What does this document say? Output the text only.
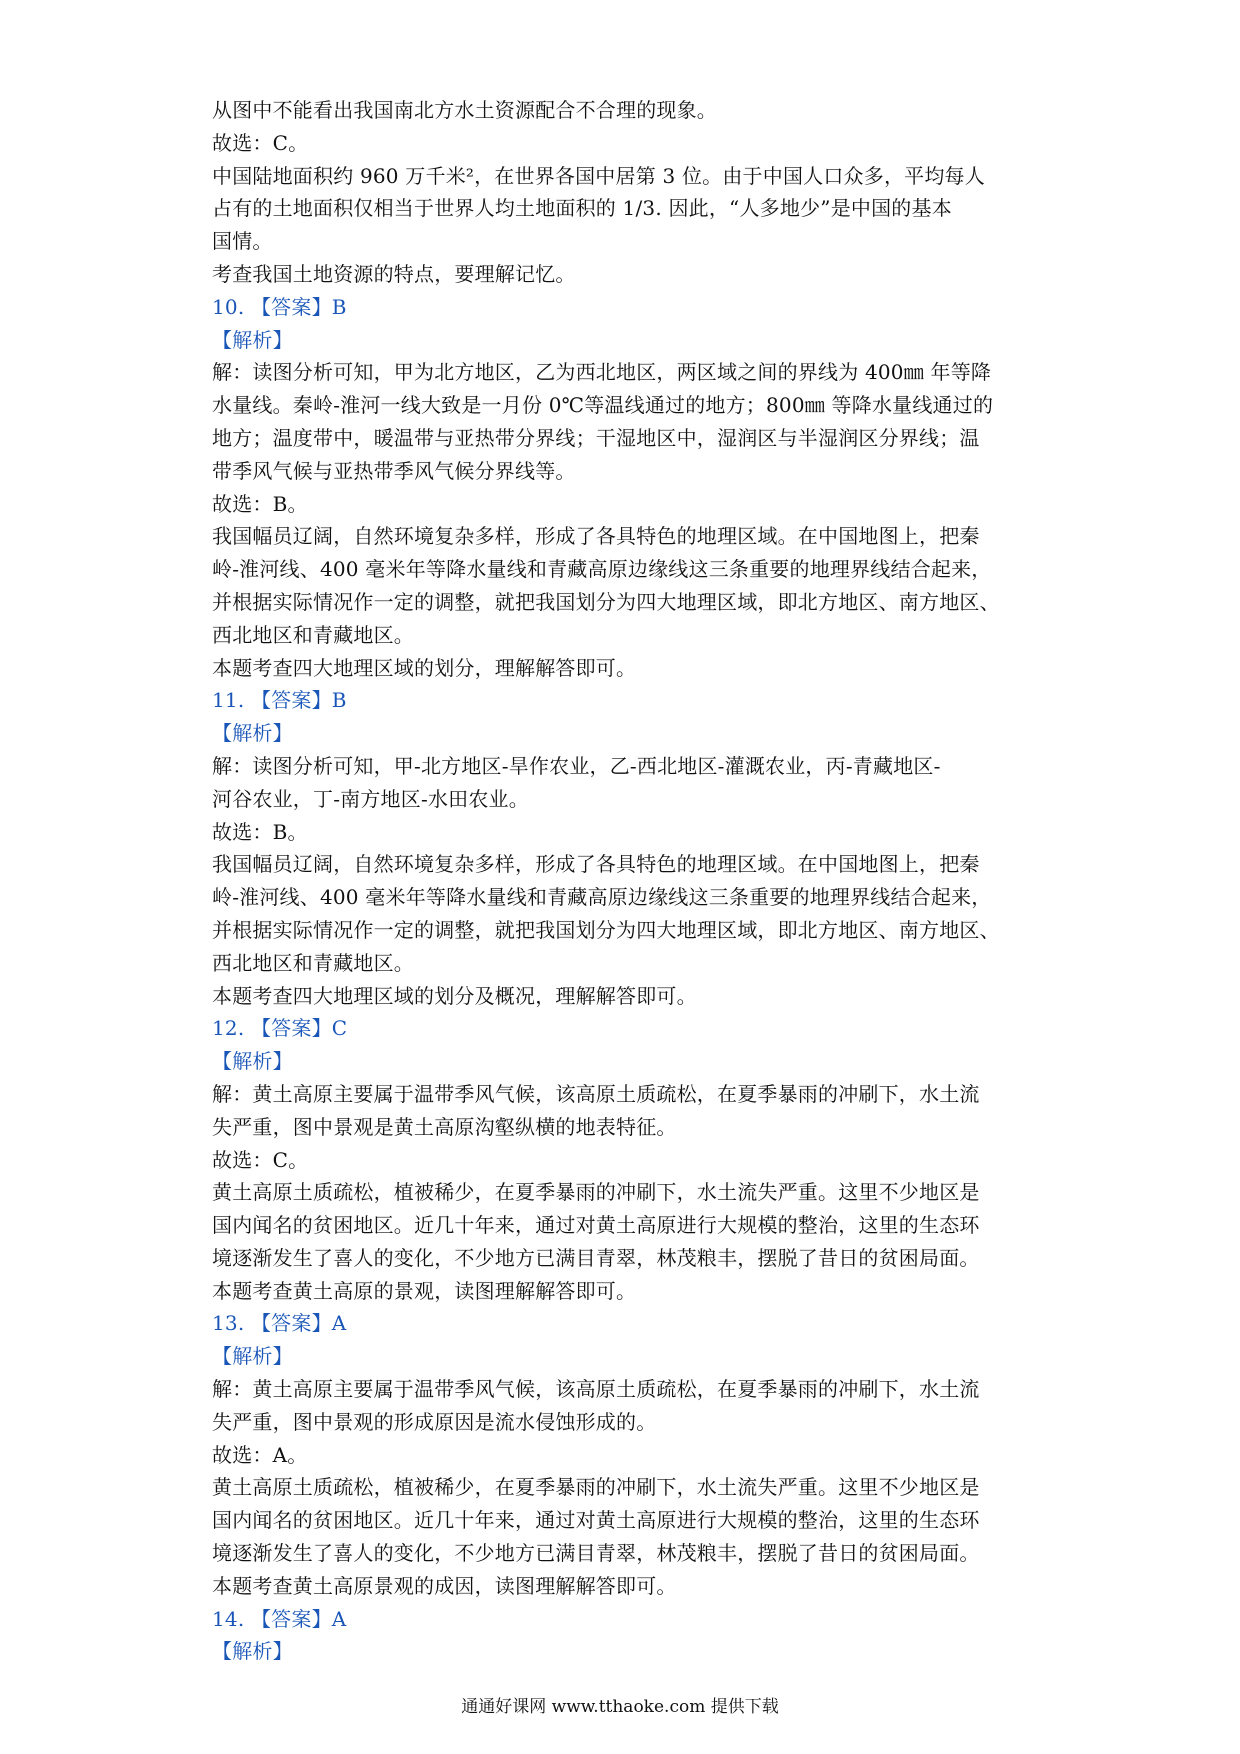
从图中不能看出我国南北方水土资源配合不合理的现象。
故选：C。
中国陆地面积约 960 万千米²，在世界各国中居第 3 位。由于中国人口众多，平均每人
占有的土地面积仅相当于世界人均土地面积的 1/3. 因此，“人多地少”是中国的基本
国情。
考查我国土地资源的特点，要理解记忆。
10. 【答案】B
【解析】
解：读图分析可知，甲为北方地区，乙为西北地区，两区域之间的界线为 400㎜ 年等降
水量线。秦岭-淮河一线大致是一月份 0℃等温线通过的地方；800㎜ 等降水量线通过的
地方；温度带中，暖温带与亚热带分界线；干湿地区中，湿润区与半湿润区分界线；温
带季风气候与亚热带季风气候分界线等。
故选：B。
我国幅员辽阔，自然环境复杂多样，形成了各具特色的地理区域。在中国地图上，把秦
岭-淮河线、400 毫米年等降水量线和青藏高原边缘线这三条重要的地理界线结合起来，
并根据实际情况作一定的调整，就把我国划分为四大地理区域，即北方地区、南方地区、
西北地区和青藏地区。
本题考查四大地理区域的划分，理解解答即可。
11. 【答案】B
【解析】
解：读图分析可知，甲-北方地区-旱作农业，乙-西北地区-灌溉农业，丙-青藏地区-
河谷农业，丁-南方地区-水田农业。
故选：B。
我国幅员辽阔，自然环境复杂多样，形成了各具特色的地理区域。在中国地图上，把秦
岭-淮河线、400 毫米年等降水量线和青藏高原边缘线这三条重要的地理界线结合起来，
并根据实际情况作一定的调整，就把我国划分为四大地理区域，即北方地区、南方地区、
西北地区和青藏地区。
本题考查四大地理区域的划分及概况，理解解答即可。
12. 【答案】C
【解析】
解：黄土高原主要属于温带季风气候，该高原土质疏松，在夏季暴雨的冲刷下，水土流
失严重，图中景观是黄土高原沟壑纵横的地表特征。
故选：C。
黄土高原土质疏松，植被稀少，在夏季暴雨的冲刷下，水土流失严重。这里不少地区是
国内闻名的贫困地区。近几十年来，通过对黄土高原进行大规模的整治，这里的生态环
境逐渐发生了喜人的变化，不少地方已满目青翠，林茂粮丰，摆脱了昔日的贫困局面。
本题考查黄土高原的景观，读图理解解答即可。
13. 【答案】A
【解析】
解：黄土高原主要属于温带季风气候，该高原土质疏松，在夏季暴雨的冲刷下，水土流
失严重，图中景观的形成原因是流水侵蚀形成的。
故选：A。
黄土高原土质疏松，植被稀少，在夏季暴雨的冲刷下，水土流失严重。这里不少地区是
国内闻名的贫困地区。近几十年来，通过对黄土高原进行大规模的整治，这里的生态环
境逐渐发生了喜人的变化，不少地方已满目青翠，林茂粮丰，摆脱了昔日的贫困局面。
本题考查黄土高原景观的成因，读图理解解答即可。
14. 【答案】A
【解析】
通通好课网 www.tthaoke.com 提供下载
